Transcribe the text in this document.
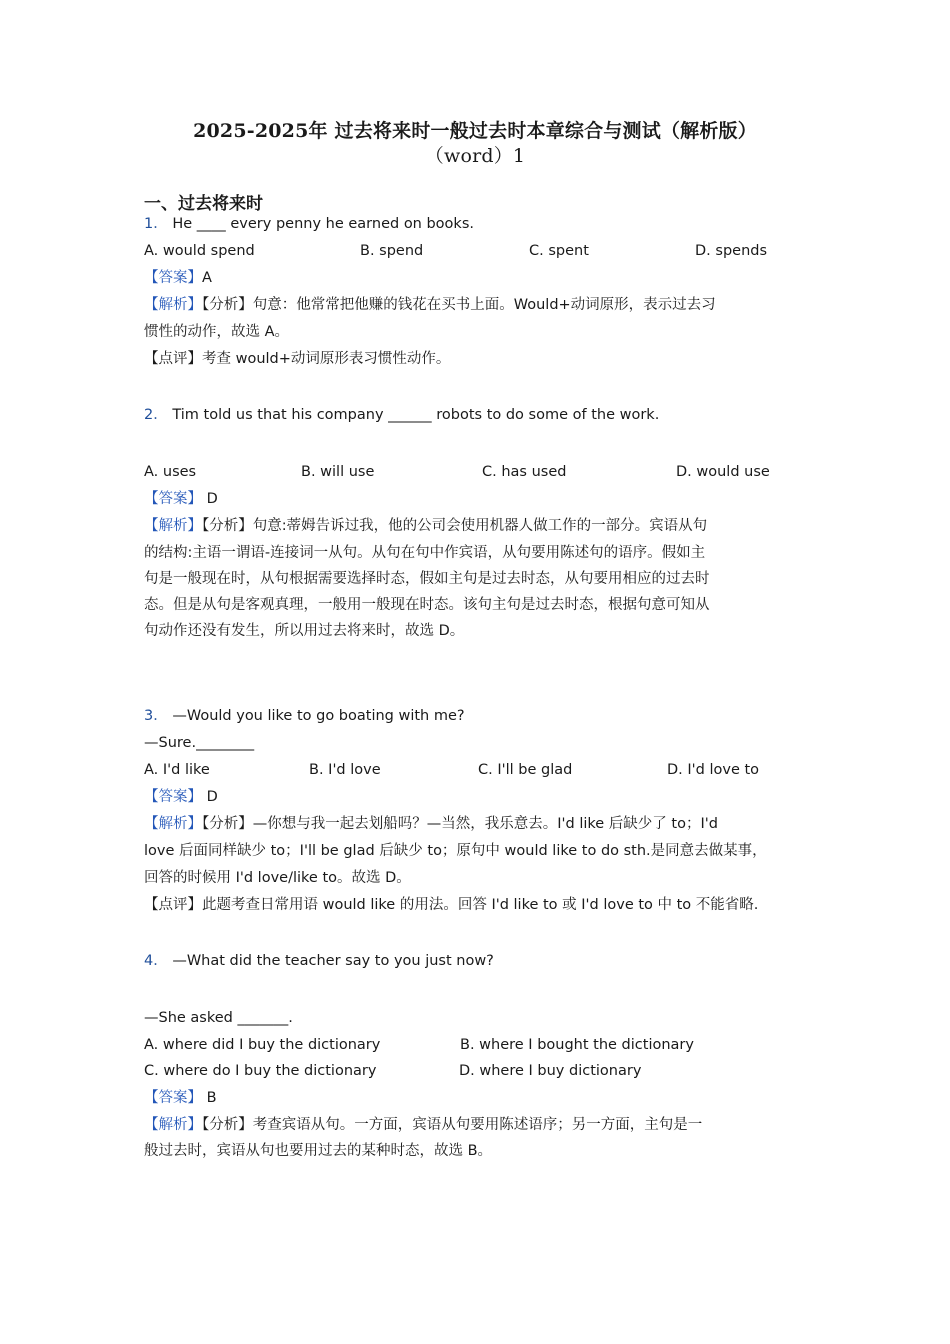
2025-2025年 过去将来时一般过去时本章综合与测试（解析版）
（word）1
一、过去将来时
1． He ____ every penny he earned on books.
A. would spend	B. spend	C. spent	D. spends
【答案】A
【解析】【分析】句意：他常常把他赚的钱花在买书上面。Would+动词原形，表示过去习
惯性的动作，故选 A。
【点评】考查 would+动词原形表习惯性动作。
2． Tim told us that his company ______ robots to do some of the work.
A. uses	B. will use	C. has used	D. would use
【答案】 D
【解析】【分析】句意:蒂姆告诉过我，他的公司会使用机器人做工作的一部分。宾语从句
的结构:主语一谓语-连接词一从句。从句在句中作宾语，从句要用陈述句的语序。假如主
句是一般现在时，从句根据需要选择时态，假如主句是过去时态，从句要用相应的过去时
态。但是从句是客观真理，一般用一般现在时态。该句主句是过去时态，根据句意可知从
句动作还没有发生，所以用过去将来时，故选 D。
3． —Would you like to go boating with me?
—Sure.________
A. I'd like	B. I'd love	C. I'll be glad	D. I'd love to
【答案】 D
【解析】【分析】—你想与我一起去划船吗？—当然，我乐意去。I'd like 后缺少了 to；I'd
love 后面同样缺少 to；I'll be glad 后缺少 to；原句中 would like to do sth.是同意去做某事，
回答的时候用 I'd love/like to。故选 D。
【点评】此题考查日常用语 would like 的用法。回答 I'd like to 或 I'd love to 中 to 不能省略.
4． —What did the teacher say to you just now?
—She asked _______.
A. where did I buy the dictionary	B. where I bought the dictionary
C. where do I buy the dictionary	D. where I buy dictionary
【答案】 B
【解析】【分析】考查宾语从句。一方面，宾语从句要用陈述语序；另一方面，主句是一
般过去时，宾语从句也要用过去的某种时态，故选 B。
